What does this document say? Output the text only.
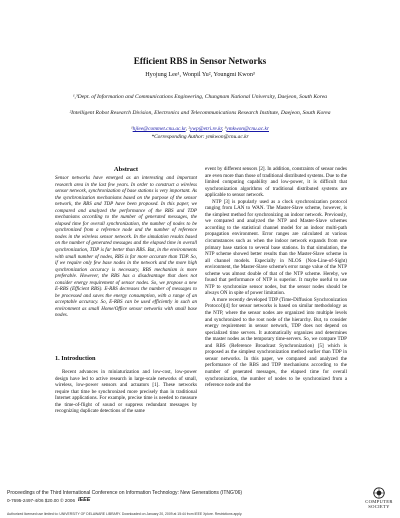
Efficient RBS in Sensor Networks
Hyojung Lee¹, Wonpil Yu², Youngmi Kwon³
¹,³Dept. of Information and Communications Engineering, Chungnam National University, Daejeon, South Korea
²Intelligent Robot Research Division, Electronics and Telecommunications Research Institute, Daejeon, South Korea
¹hjlee@commet.cnu.ac.kr, ²ywp@etri.re.kr, ³ymkwon@cnu.ac.kr
*Corresponding Author: ymkwon@cnu.ac.kr
Abstract

Sensor networks have emerged as an interesting and important research area in the last few years. In order to construct a wireless sensor network, synchronization of base stations is very important. As the synchronization mechanisms based on the purpose of the sensor network, the RBS and TDP have been proposed. In this paper, we compared and analyzed the performance of the RBS and TDP mechanisms according to the number of generated messages, the elapsed time for overall synchronization, the number of nodes to be synchronized from a reference node and the number of reference nodes in the wireless sensor network. In the simulation results based on the number of generated messages and the elapsed time in overall synchronization, TDP is far better than RBS. But, in the environments with small number of nodes, RBS is far more accurate than TDP. So, if we require only few base nodes in the network and the more high synchronization accuracy is necessary, RBS mechanism is more preferable. However, the RBS has a disadvantage that does not consider energy requirement of sensor nodes. So, we propose a new E-RBS (Efficient RBS). E-RBS decreases the number of messages to be processed and saves the energy consumption, with a range of an acceptable accuracy. So, E-RBS can be used efficiently in such an environment as small Home/Office sensor networks with small base nodes.

1. Introduction

Recent advances in miniaturization and low-cost, low-power design have led to active research in large-scale networks of small, wireless, low-power sensors and actuators [1]. These networks require that time be synchronized more precisely than in traditional Internet applications. For example, precise time is needed to measure the time-of-flight of sound or suppress redundant messages by recognizing duplicate detections of the same

event by different sensors [2]. In addition, constraints of sensor nodes are even more than those of traditional distributed systems. Due to the limited computing capability and low-power, it is difficult that synchronization algorithms of traditional distributed systems are applicable to sensor network.

NTP [3] is popularly used as a clock synchronization protocol ranging from LAN to WAN. The Master-Slave scheme, however, is the simplest method for synchronizing an indoor network. Previously, we compared and analyzed the NTP and Master-Slave schemes according to the statistical channel model for an indoor multi-path propagation environment. Error ranges are calculated at various circumstances such as when the indoor network expands from one primary base station to several base stations. In that simulation, the NTP scheme showed better results than the Master-Slave scheme in all channel models. Especially in NLOS (Non-Line-of-Sight) environment, the Master-Slave scheme's error range value of the NTP scheme was almost double of that of the NTP scheme. Hereby, we found that performance of NTP is superior. It maybe useful to use NTP to synchronize sensor nodes, but the sensor nodes should be always ON in spite of power limitation.

A more recently developed TDP (Time-Diffusion Synchronization Protocol)[4] for sensor networks is based on similar methodology as the NTP, where the sensor nodes are organized into multiple levels and synchronized to the root node of the hierarchy. But, to consider energy requirement in sensor network, TDP does not depend on specialized time servers. It automatically organizes and determines the master nodes as the temporary time-servers. So, we compare TDP and RBS (Reference Broadcast Synchronization) [5] which is proposed as the simplest synchronization method earlier than TDP in sensor networks. In this paper, we compared and analyzed the performance of the RBS and TDP mechanisms according to the number of generated messages, the elapsed time for overall synchronization, the number of nodes to be synchronized from a reference node and the

Proceedings of the Third International Conference on Information Technology: New Generations (ITNG'06)
0-7695-2497-4/06 $20.00 © 2006 IEEE
Authorized licensed use limited to: UNIVERSITY OF DELAWARE LIBRARY. Downloaded on January 20, 2009 at 15:44 from IEEE Xplore. Restrictions apply.
COMPUTER
SOCIETY
